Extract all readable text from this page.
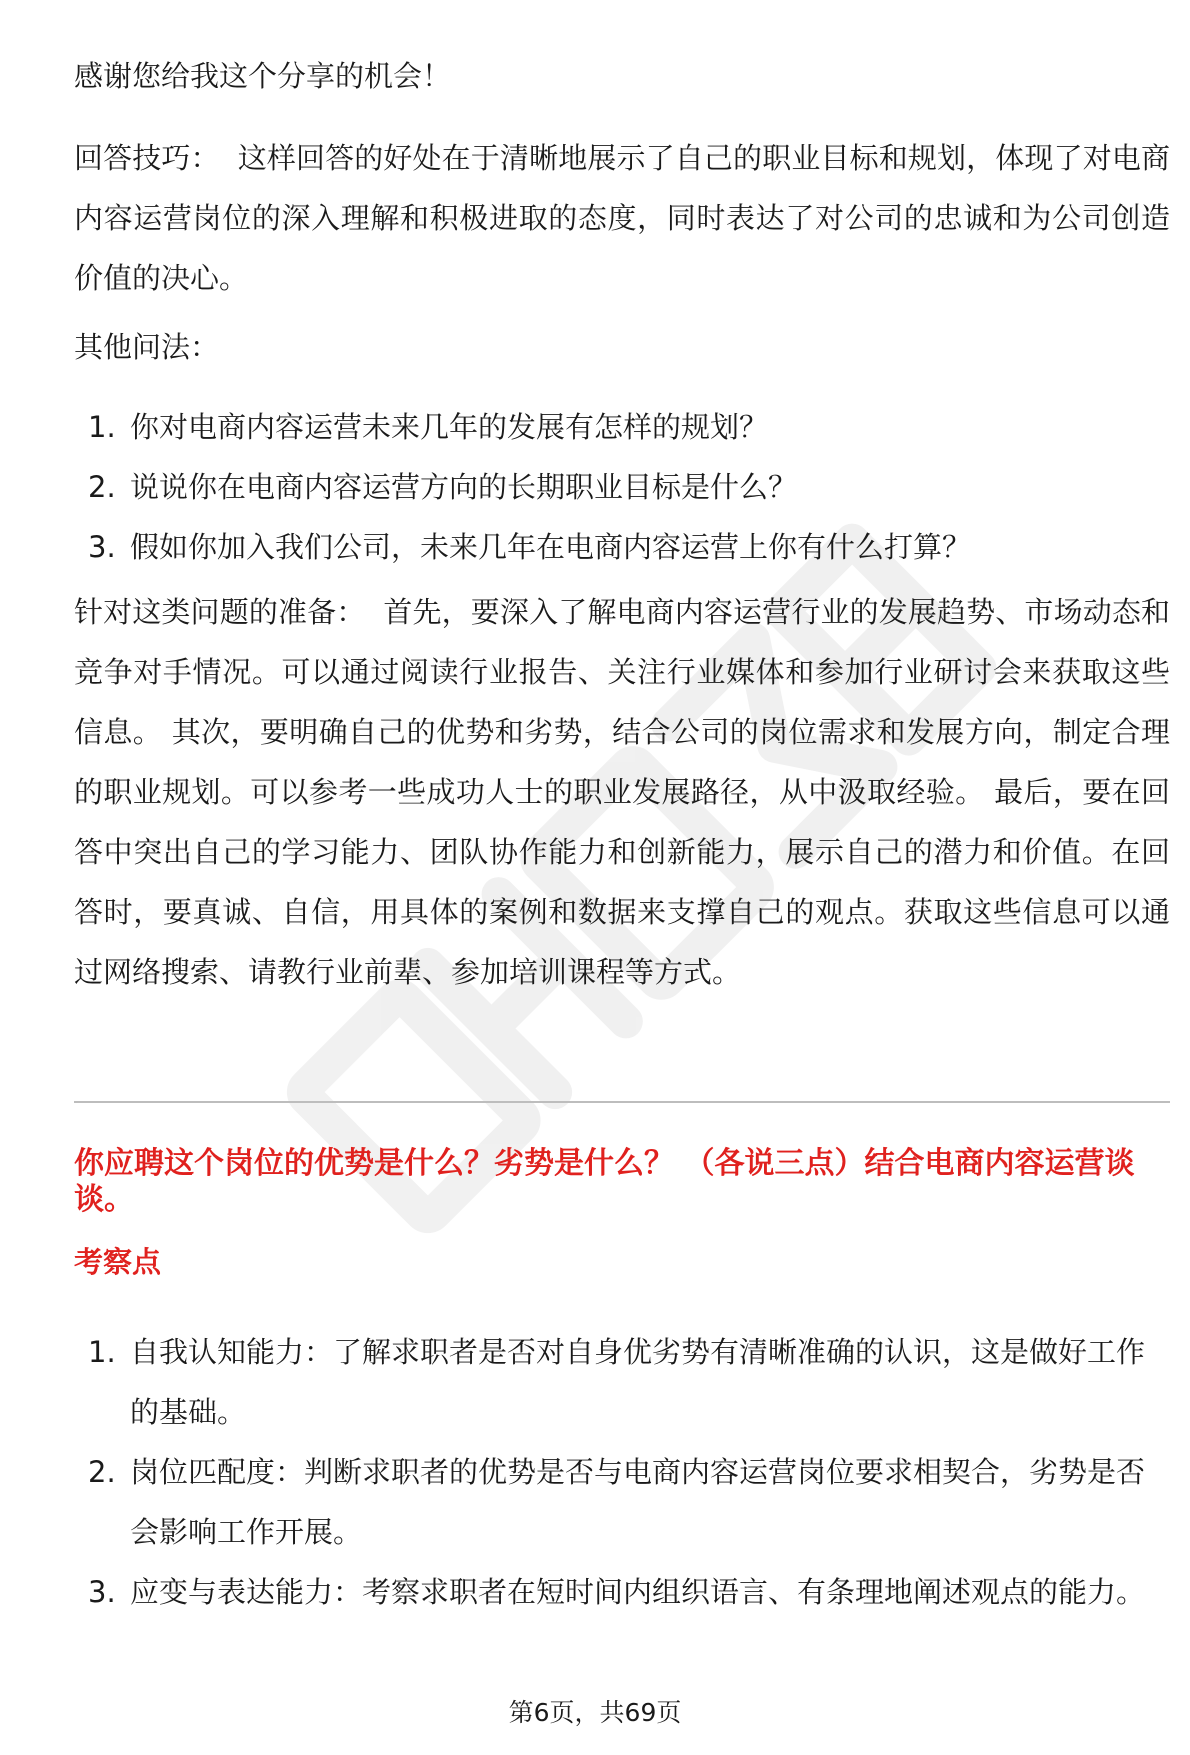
感谢您给我这个分享的机会！

回答技巧： 这样回答的好处在于清晰地展示了自己的职业目标和规划，体现了对电商内容运营岗位的深入理解和积极进取的态度，同时表达了对公司的忠诚和为公司创造价值的决心。

其他问法：

1. 你对电商内容运营未来几年的发展有怎样的规划？
2. 说说你在电商内容运营方向的长期职业目标是什么？
3. 假如你加入我们公司，未来几年在电商内容运营上你有什么打算？

针对这类问题的准备： 首先，要深入了解电商内容运营行业的发展趋势、市场动态和竞争对手情况。可以通过阅读行业报告、关注行业媒体和参加行业研讨会来获取这些信息。 其次，要明确自己的优势和劣势，结合公司的岗位需求和发展方向，制定合理的职业规划。可以参考一些成功人士的职业发展路径，从中汲取经验。 最后，要在回答中突出自己的学习能力、团队协作能力和创新能力，展示自己的潜力和价值。在回答时，要真诚、自信，用具体的案例和数据来支撑自己的观点。获取这些信息可以通过网络搜索、请教行业前辈、参加培训课程等方式。

你应聘这个岗位的优势是什么？劣势是什么？ （各说三点）结合电商内容运营谈谈。
考察点
1. 自我认知能力：了解求职者是否对自身优劣势有清晰准确的认识，这是做好工作的基础。
2. 岗位匹配度：判断求职者的优势是否与电商内容运营岗位要求相契合，劣势是否会影响工作开展。
3. 应变与表达能力：考察求职者在短时间内组织语言、有条理地阐述观点的能力。
第6页，共69页
